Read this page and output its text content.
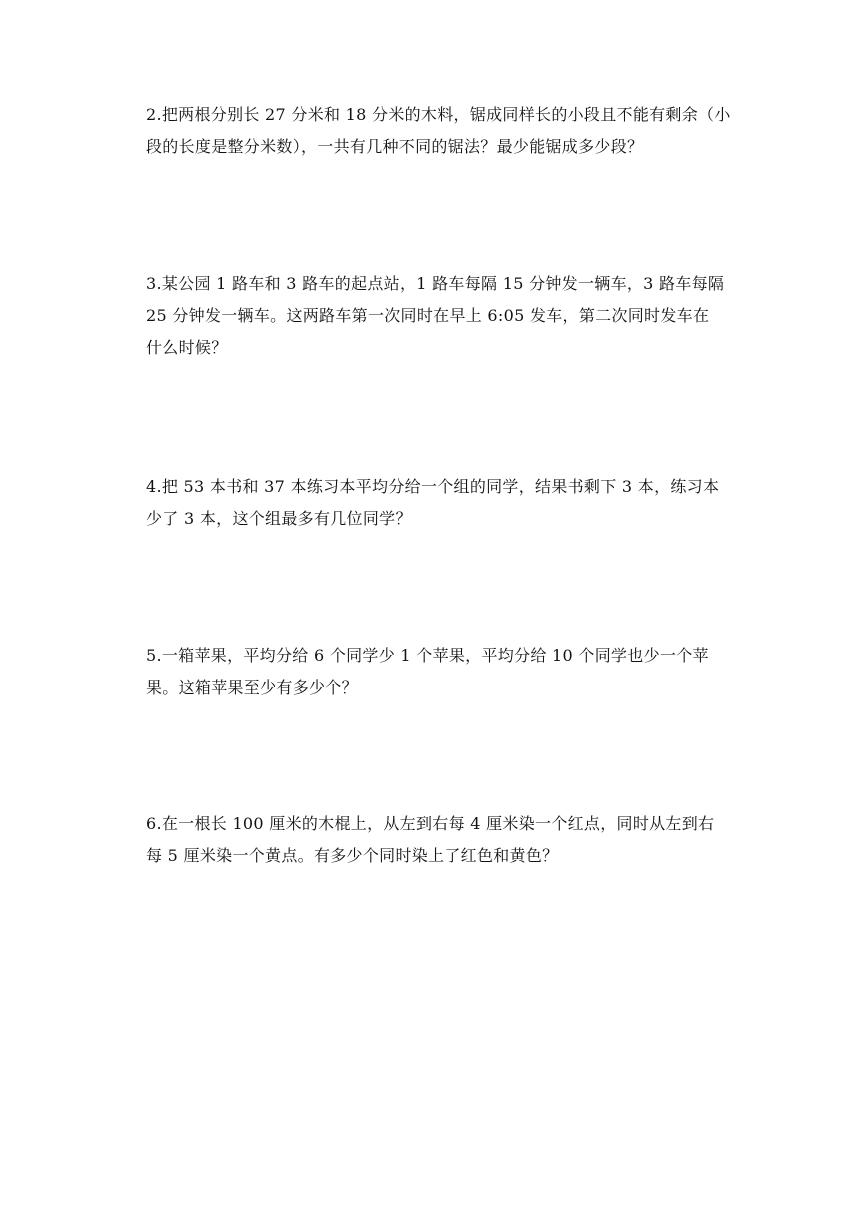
2.把两根分别长 27 分米和 18 分米的木料，锯成同样长的小段且不能有剩余（小
段的长度是整分米数），一共有几种不同的锯法？最少能锯成多少段？
3.某公园 1 路车和 3 路车的起点站，1 路车每隔 15 分钟发一辆车，3 路车每隔
25 分钟发一辆车。这两路车第一次同时在早上 6:05 发车，第二次同时发车在
什么时候？
4.把 53 本书和 37 本练习本平均分给一个组的同学，结果书剩下 3 本，练习本
少了 3 本，这个组最多有几位同学？
5.一箱苹果，平均分给 6 个同学少 1 个苹果，平均分给 10 个同学也少一个苹
果。这箱苹果至少有多少个？
6.在一根长 100 厘米的木棍上，从左到右每 4 厘米染一个红点，同时从左到右
每 5 厘米染一个黄点。有多少个同时染上了红色和黄色？
